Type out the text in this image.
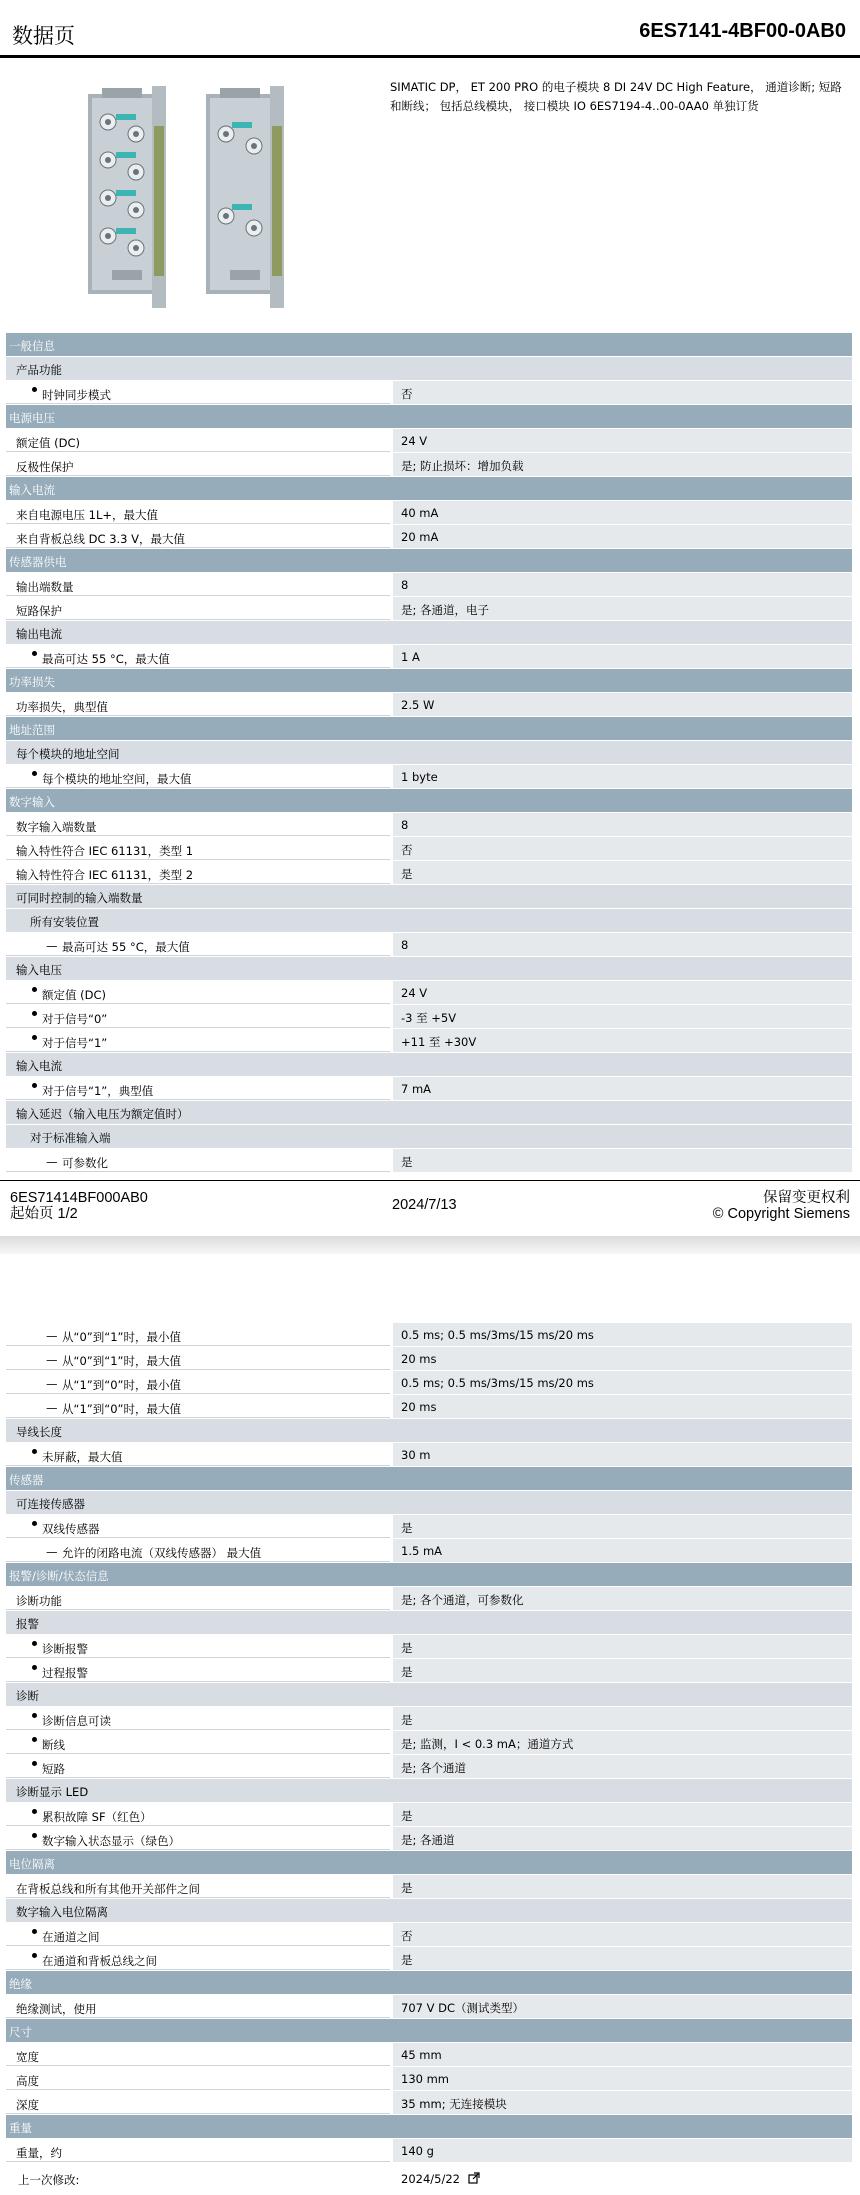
数据页	6ES7141-4BF00-0AB0
SIMATIC DP， ET 200 PRO 的电子模块 8 DI 24V DC High Feature， 通道诊断; 短路和断线； 包括总线模块， 接口模块 IO 6ES7194-4..00-0AA0 单独订货
一般信息
产品功能
时钟同步模式	否
电源电压
额定值 (DC)	24 V
反极性保护	是; 防止损坏：增加负载
输入电流
来自电源电压 1L+，最大值	40 mA
来自背板总线 DC 3.3 V，最大值	20 mA
传感器供电
输出端数量	8
短路保护	是; 各通道，电子
输出电流
最高可达 55 °C，最大值	1 A
功率损失
功率损失，典型值	2.5 W
地址范围
每个模块的地址空间
每个模块的地址空间，最大值	1 byte
数字输入
数字输入端数量	8
输入特性符合 IEC 61131，类型 1	否
输入特性符合 IEC 61131，类型 2	是
可同时控制的输入端数量
所有安装位置
— 最高可达 55 °C，最大值	8
输入电压
额定值 (DC)	24 V
对于信号“0”	-3 至 +5V
对于信号“1”	+11 至 +30V
输入电流
对于信号“1”，典型值	7 mA
输入延迟（输入电压为额定值时）
对于标准输入端
— 可参数化	是
6ES71414BF000AB0
起始页 1/2
2024/7/13	保留变更权利
© Copyright Siemens
— 从“0”到“1”时，最小值	0.5 ms; 0.5 ms/3ms/15 ms/20 ms
— 从“0”到“1”时，最大值	20 ms
— 从“1”到“0”时，最小值	0.5 ms; 0.5 ms/3ms/15 ms/20 ms
— 从“1”到“0”时，最大值	20 ms
导线长度
未屏蔽，最大值	30 m
传感器
可连接传感器
双线传感器	是
— 允许的闭路电流（双线传感器） 最大值	1.5 mA
报警/诊断/状态信息
诊断功能	是; 各个通道，可参数化
报警
诊断报警	是
过程报警	是
诊断
诊断信息可读	是
断线	是; 监测，I < 0.3 mA；通道方式
短路	是; 各个通道
诊断显示 LED
累积故障 SF（红色）	是
数字输入状态显示（绿色）	是; 各通道
电位隔离
在背板总线和所有其他开关部件之间	是
数字输入电位隔离
在通道之间	否
在通道和背板总线之间	是
绝缘
绝缘测试，使用	707 V DC（测试类型）
尺寸
宽度	45 mm
高度	130 mm
深度	35 mm; 无连接模块
重量
重量，约	140 g
上一次修改:	2024/5/22
